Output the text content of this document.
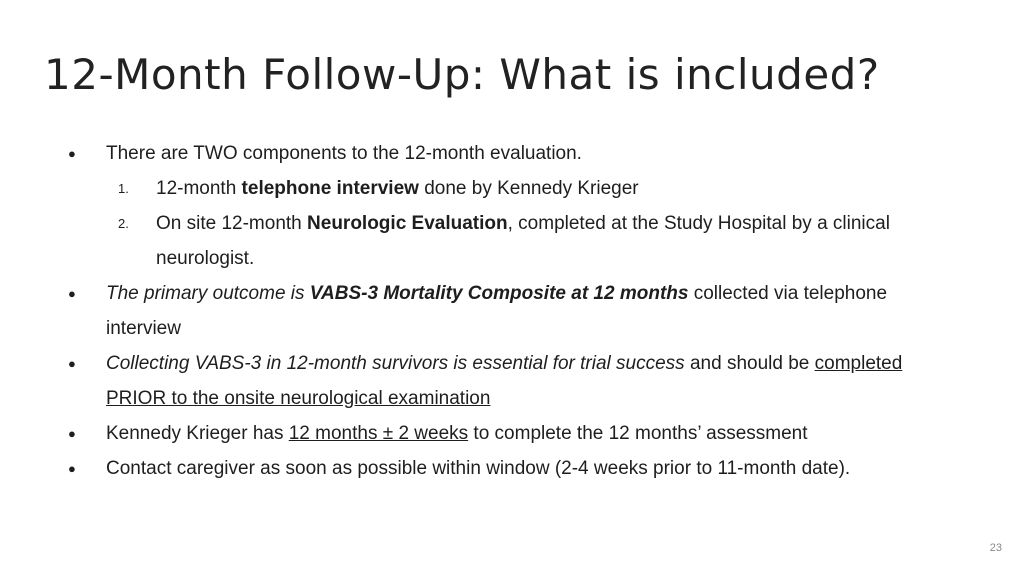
12-Month Follow-Up: What is included?
● There are TWO components to the 12-month evaluation.
1. 12-month telephone interview done by Kennedy Krieger
2. On site 12-month Neurologic Evaluation, completed at the Study Hospital by a clinical neurologist.
● The primary outcome is VABS-3 Mortality Composite at 12 months collected via telephone interview
● Collecting VABS-3 in 12-month survivors is essential for trial success and should be completed PRIOR to the onsite neurological examination
● Kennedy Krieger has 12 months ± 2 weeks to complete the 12 months’ assessment
● Contact caregiver as soon as possible within window (2-4 weeks prior to 11-month date).
23
